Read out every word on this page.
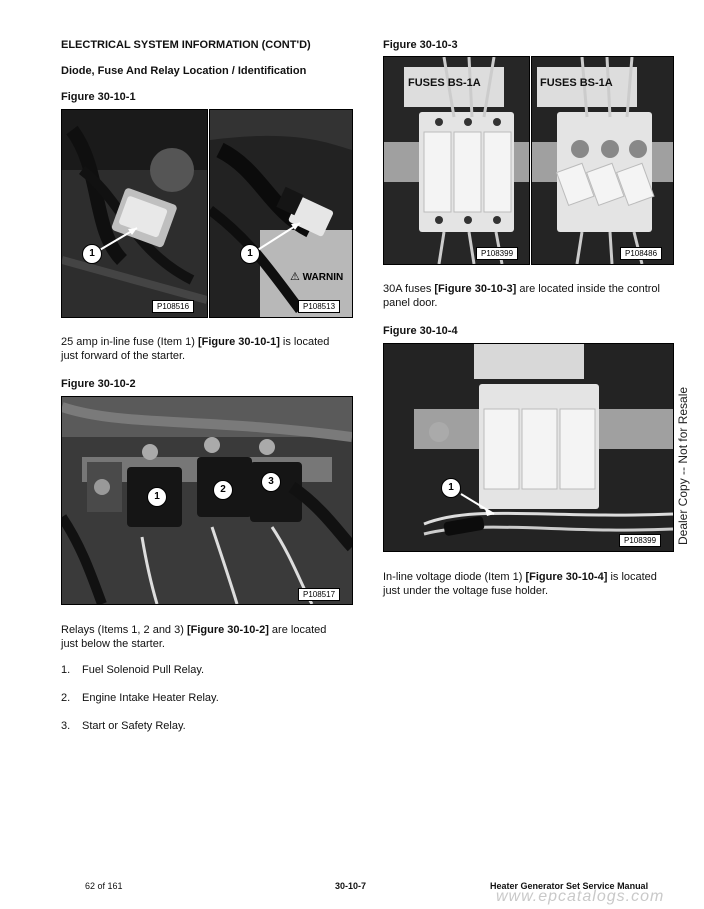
ELECTRICAL SYSTEM INFORMATION (CONT'D)
Diode, Fuse And Relay Location / Identification
Figure 30-10-1
1
P108516
1
⚠ WARNIN
P108513
25 amp in-line fuse (Item 1) [Figure 30-10-1] is located
just forward of the starter.
Figure 30-10-2
1
2
3
P108517
Relays (Items 1, 2 and 3) [Figure 30-10-2] are located
just below the starter.
1. Fuel Solenoid Pull Relay.
2. Engine Intake Heater Relay.
3. Start or Safety Relay.
Figure 30-10-3
FUSES BS-1A
P108399
FUSES BS-1A
P108486
30A fuses [Figure 30-10-3] are located inside the control
panel door.
Figure 30-10-4
1
P108399
In-line voltage diode (Item 1) [Figure 30-10-4] is located
just under the voltage fuse holder.
Dealer Copy -- Not for Resale
62 of 161	30-10-7	Heater Generator Set Service Manual
www.epcatalogs.com
